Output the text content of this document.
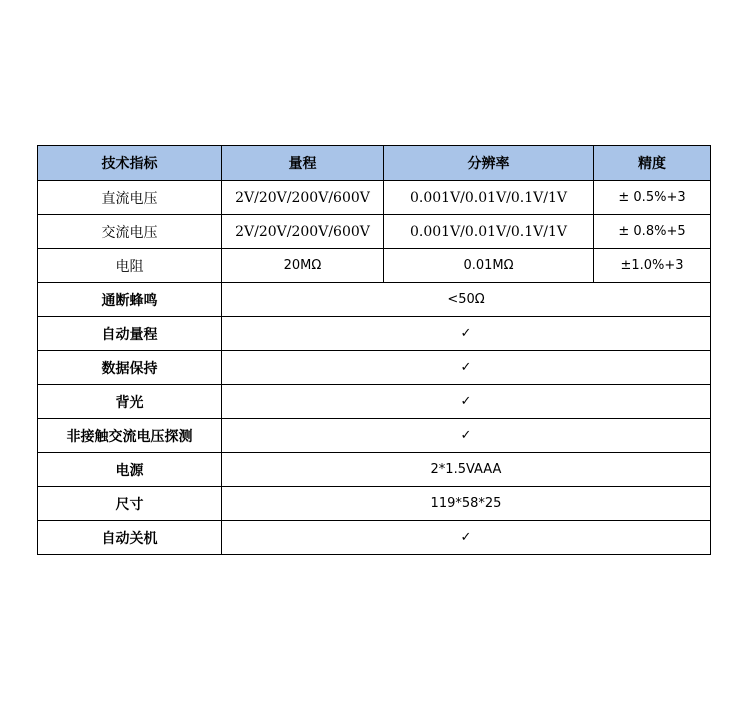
技术指标	量程	分辨率	精度
直流电压	2V/20V/200V/600V	0.001V/0.01V/0.1V/1V	± 0.5%+3
交流电压	2V/20V/200V/600V	0.001V/0.01V/0.1V/1V	± 0.8%+5
电阻	20MΩ	0.01MΩ	±1.0%+3
通断蜂鸣	<50Ω		
自动量程	✓		
数据保持	✓		
背光	✓		
非接触交流电压探测	✓		
电源	2*1.5VAAA		
尺寸	119*58*25		
自动关机	✓		
